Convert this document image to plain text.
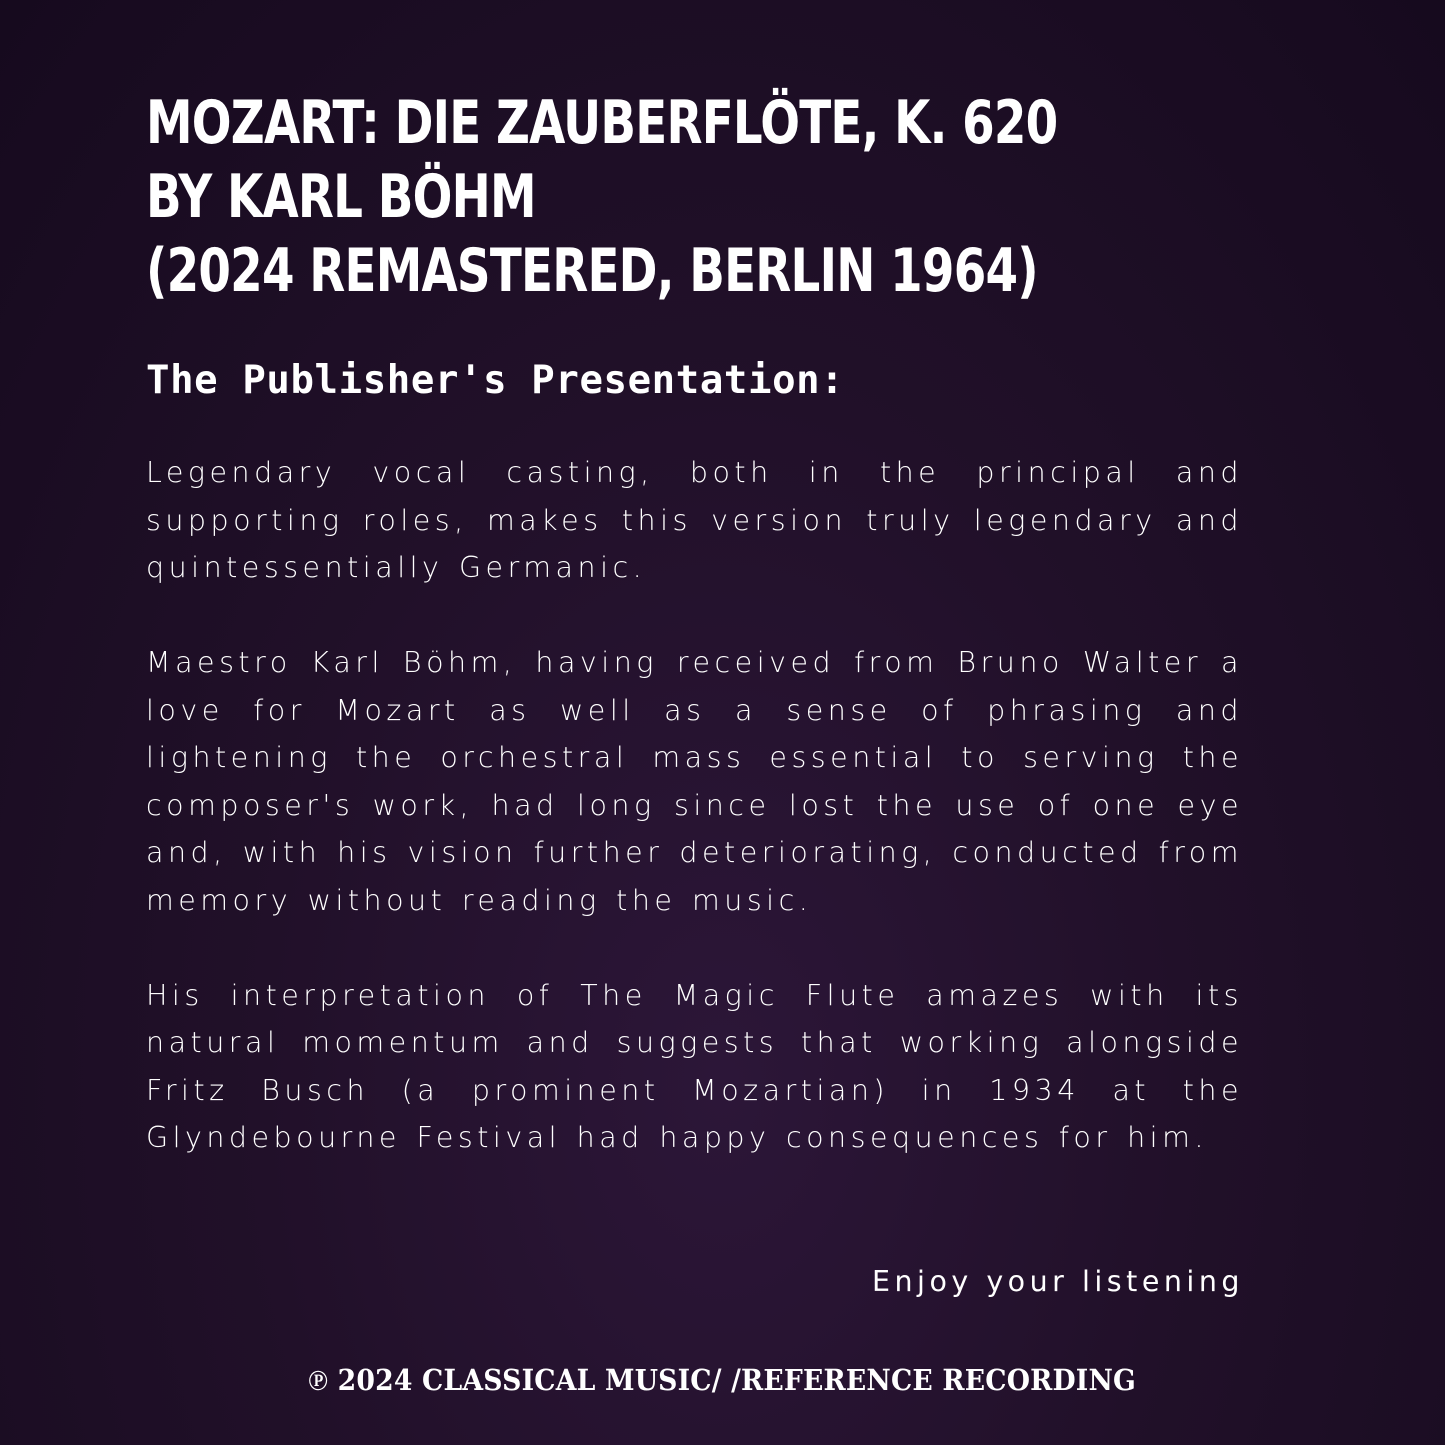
MOZART: DIE ZAUBERFLÖTE, K. 620
BY KARL BÖHM
(2024 REMASTERED, BERLIN 1964)
The Publisher's Presentation:

Legendary vocal casting, both in the principal and supporting roles, makes this version truly legendary and quintessentially Germanic.

Maestro Karl Böhm, having received from Bruno Walter a love for Mozart as well as a sense of phrasing and lightening the orchestral mass essential to serving the composer's work, had long since lost the use of one eye and, with his vision further deteriorating, conducted from memory without reading the music.

His interpretation of The Magic Flute amazes with its natural momentum and suggests that working alongside Fritz Busch (a prominent Mozartian) in 1934 at the Glyndebourne Festival had happy consequences for him.

Enjoy your listening
℗ 2024 CLASSICAL MUSIC/ /REFERENCE RECORDING
